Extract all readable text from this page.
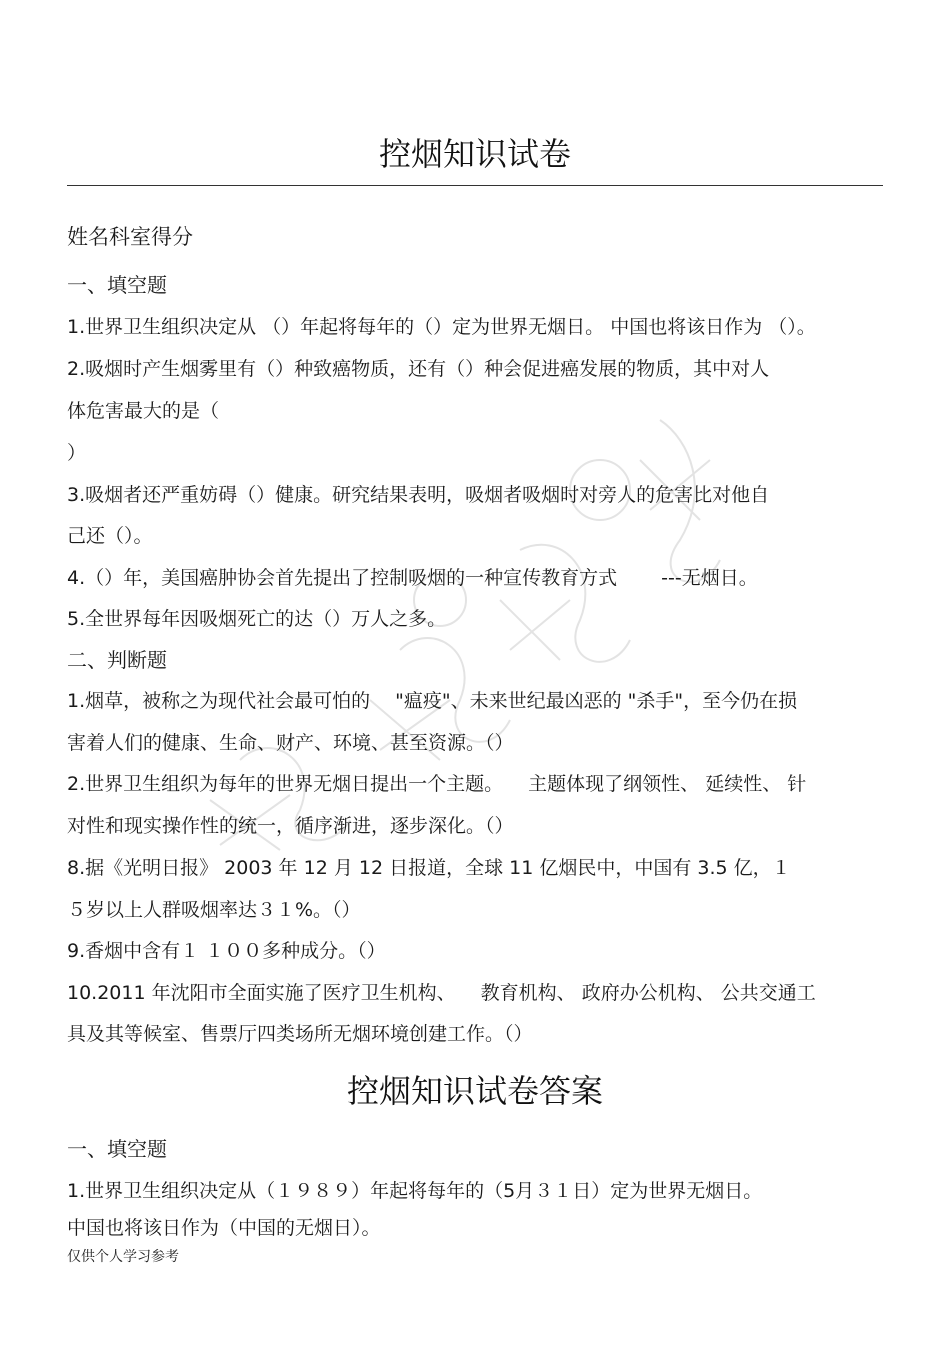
控烟知识试卷
姓名科室得分
一、填空题
1.世界卫生组织决定从 （）年起将每年的（）定为世界无烟日。 中国也将该日作为 （）。
2.吸烟时产生烟雾里有（）种致癌物质，还有（）种会促进癌发展的物质，其中对人
体危害最大的是（
）
3.吸烟者还严重妨碍（）健康。研究结果表明，吸烟者吸烟时对旁人的危害比对他自
己还（）。
4.（）年，美国癌肿协会首先提出了控制吸烟的一种宣传教育方式 　　---无烟日。
5.全世界每年因吸烟死亡的达（）万人之多。
二、判断题
1.烟草，被称之为现代社会最可怕的 　"瘟疫"、未来世纪最凶恶的 "杀手"，至今仍在损
害着人们的健康、生命、财产、环境、甚至资源。（）
2.世界卫生组织为每年的世界无烟日提出一个主题。 　主题体现了纲领性、 延续性、 针
对性和现实操作性的统一，循序渐进，逐步深化。（）
8.据《光明日报》 2003 年 12 月 12 日报道，全球 11 亿烟民中，中国有 3.5 亿，１
５岁以上人群吸烟率达３１%。（）
9.香烟中含有１ １００多种成分。（）
10.2011 年沈阳市全面实施了医疗卫生机构、 　教育机构、 政府办公机构、 公共交通工
具及其等候室、售票厅四类场所无烟环境创建工作。（）
控烟知识试卷答案
一、填空题
1.世界卫生组织决定从（１９８９）年起将每年的（5月３１日）定为世界无烟日。
中国也将该日作为（中国的无烟日）。
仅供个人学习参考
